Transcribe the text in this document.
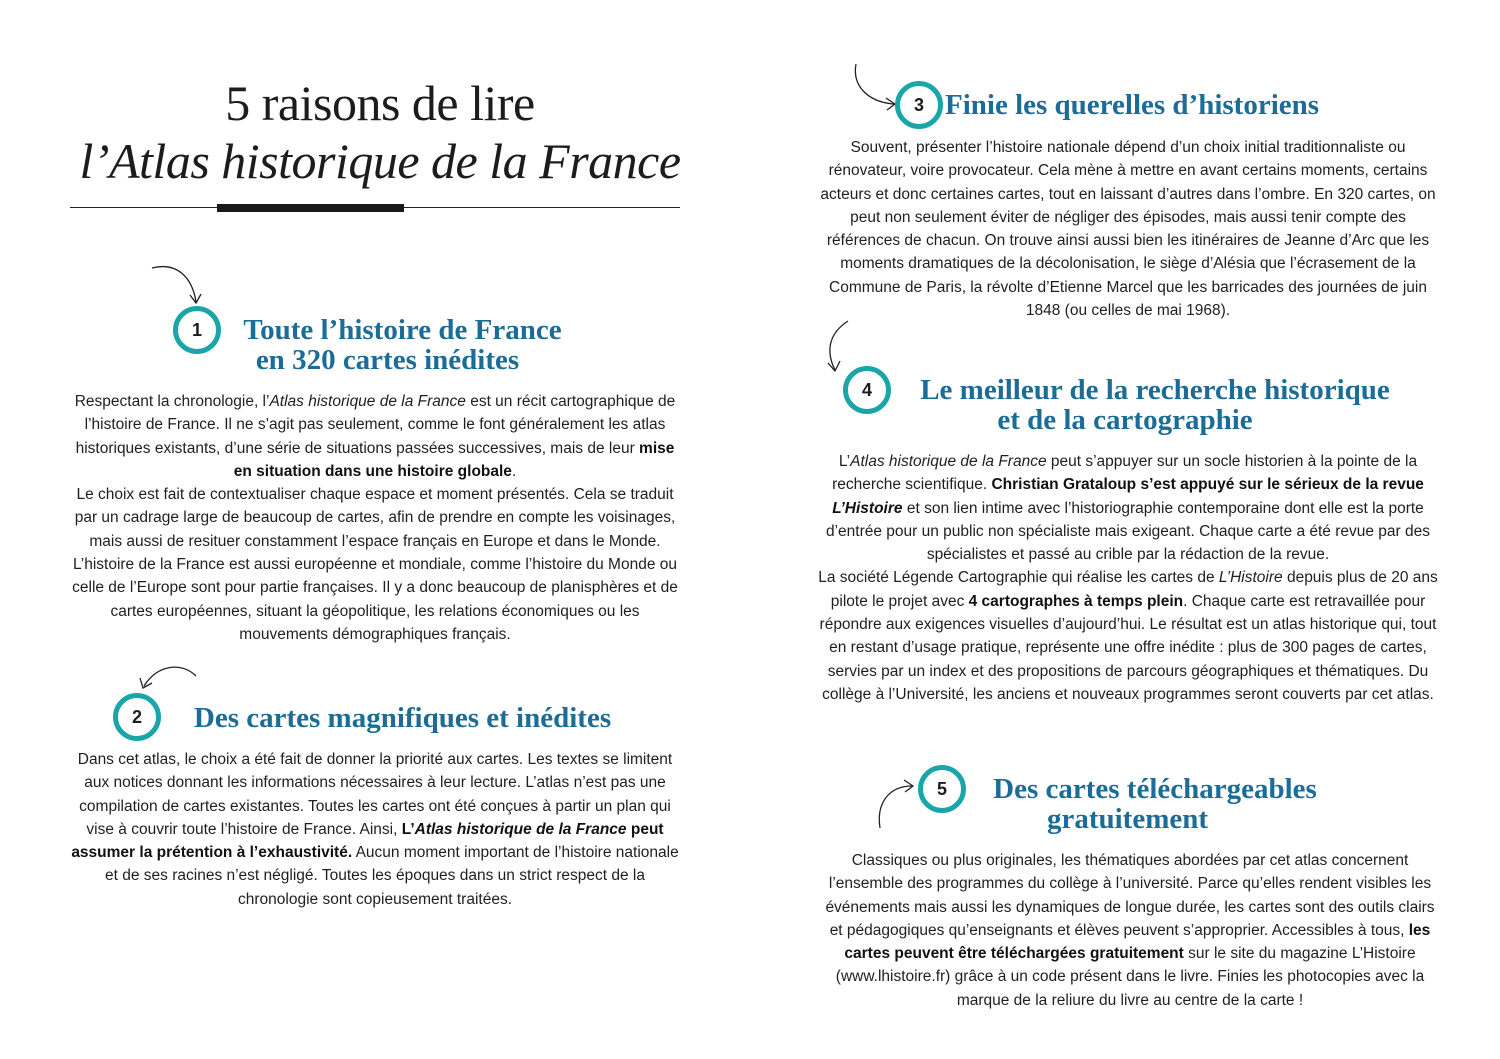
5 raisons de lire
l’Atlas historique de la France
1	Toute l’histoire de France
en 320 cartes inédites
Respectant la chronologie, l’Atlas historique de la France est un récit cartographique de l’histoire de France. Il ne s’agit pas seulement, comme le font généralement les atlas historiques existants, d’une série de situations passées successives, mais de leur mise en situation dans une histoire globale.
Le choix est fait de contextualiser chaque espace et moment présentés. Cela se traduit par un cadrage large de beaucoup de cartes, afin de prendre en compte les voisinages, mais aussi de resituer constamment l’espace français en Europe et dans le Monde. L’histoire de la France est aussi européenne et mondiale, comme l’histoire du Monde ou celle de l’Europe sont pour partie françaises. Il y a donc beaucoup de planisphères et de cartes européennes, situant la géopolitique, les relations économiques ou les mouvements démographiques français.
2	Des cartes magnifiques et inédites
Dans cet atlas, le choix a été fait de donner la priorité aux cartes. Les textes se limitent aux notices donnant les informations nécessaires à leur lecture. L’atlas n’est pas une compilation de cartes existantes. Toutes les cartes ont été conçues à partir un plan qui vise à couvrir toute l’histoire de France. Ainsi, L’Atlas historique de la France peut assumer la prétention à l’exhaustivité. Aucun moment important de l’histoire nationale et de ses racines n’est négligé. Toutes les époques dans un strict respect de la chronologie sont copieusement traitées.
3 Finie les querelles d’historiens
Souvent, présenter l’histoire nationale dépend d’un choix initial traditionnaliste ou rénovateur, voire provocateur. Cela mène à mettre en avant certains moments, certains acteurs et donc certaines cartes, tout en laissant d’autres dans l’ombre. En 320 cartes, on peut non seulement éviter de négliger des épisodes, mais aussi tenir compte des références de chacun. On trouve ainsi aussi bien les itinéraires de Jeanne d’Arc que les moments dramatiques de la décolonisation, le siège d’Alésia que l’écrasement de la Commune de Paris, la révolte d’Etienne Marcel que les barricades des journées de juin 1848 (ou celles de mai 1968).
4	Le meilleur de la recherche historique
et de la cartographie
L’Atlas historique de la France peut s’appuyer sur un socle historien à la pointe de la recherche scientifique. Christian Grataloup s’est appuyé sur le sérieux de la revue L’Histoire et son lien intime avec l’historiographie contemporaine dont elle est la porte d’entrée pour un public non spécialiste mais exigeant. Chaque carte a été revue par des spécialistes et passé au crible par la rédaction de la revue.
La société Légende Cartographie qui réalise les cartes de L’Histoire depuis plus de 20 ans pilote le projet avec 4 cartographes à temps plein. Chaque carte est retravaillée pour répondre aux exigences visuelles d’aujourd’hui. Le résultat est un atlas historique qui, tout en restant d’usage pratique, représente une offre inédite : plus de 300 pages de cartes, servies par un index et des propositions de parcours géographiques et thématiques. Du collège à l’Université, les anciens et nouveaux programmes seront couverts par cet atlas.
5	Des cartes téléchargeables
gratuitement
Classiques ou plus originales, les thématiques abordées par cet atlas concernent l’ensemble des programmes du collège à l’université. Parce qu’elles rendent visibles les événements mais aussi les dynamiques de longue durée, les cartes sont des outils clairs et pédagogiques qu’enseignants et élèves peuvent s’approprier. Accessibles à tous, les cartes peuvent être téléchargées gratuitement sur le site du magazine L’Histoire (www.lhistoire.fr) grâce à un code présent dans le livre. Finies les photocopies avec la marque de la reliure du livre au centre de la carte !
